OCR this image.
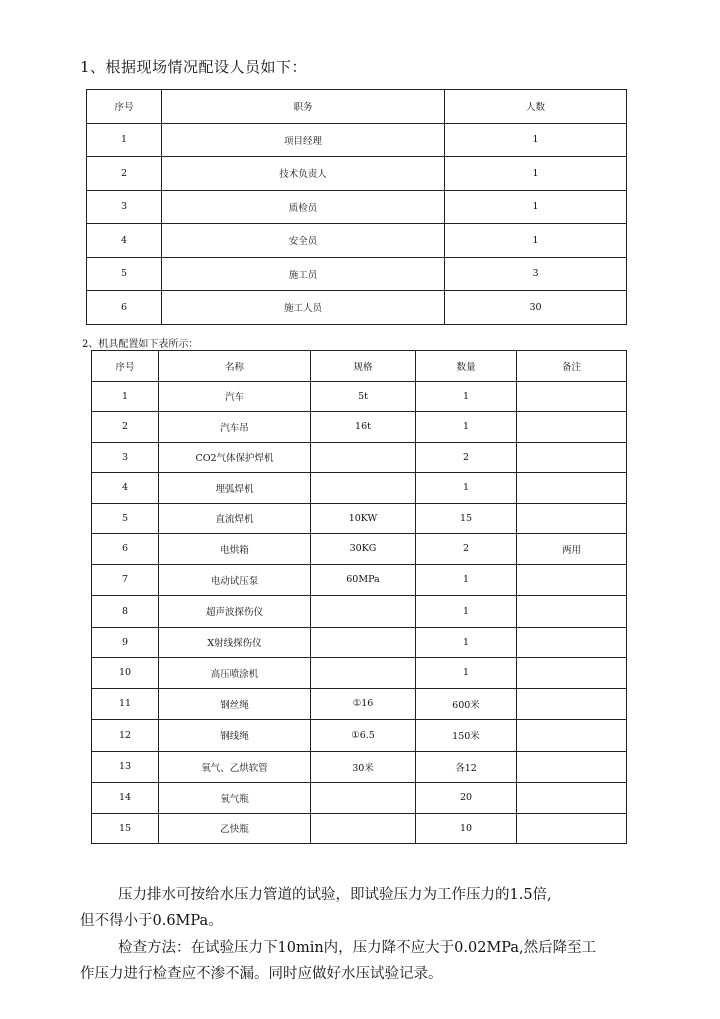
1、根据现场情况配设人员如下：
序号	职务	人数
1	项目经理	1
2	技术负责人	1
3	质检员	1
4	安全员	1
5	施工员	3
6	施工人员	30
2、机具配置如下表所示：
序号	名称	规格	数量	备注
1	汽车	5t	1	
2	汽车吊	16t	1	
3	CO2气体保护焊机		2	
4	埋弧焊机		1	
5	直流焊机	10KW	15	
6	电烘箱	30KG	2	两用
7	电动试压泵	60MPa	1	
8	超声波探伤仪		1	
9	X射线探伤仪		1	
10	高压喷涂机		1	
11	钢丝绳	①16	600米	
12	钢线绳	①6.5	150米	
13	氧气、乙烘软管	30米	各12	
14	氧气瓶		20	
15	乙快瓶		10	
压力排水可按给水压力管道的试验，即试验压力为工作压力的1.5倍,
但不得小于0.6MPa。
检查方法：在试验压力下10min内，压力降不应大于0.02MPa,然后降至工
作压力进行检查应不渗不漏。同时应做好水压试验记录。
